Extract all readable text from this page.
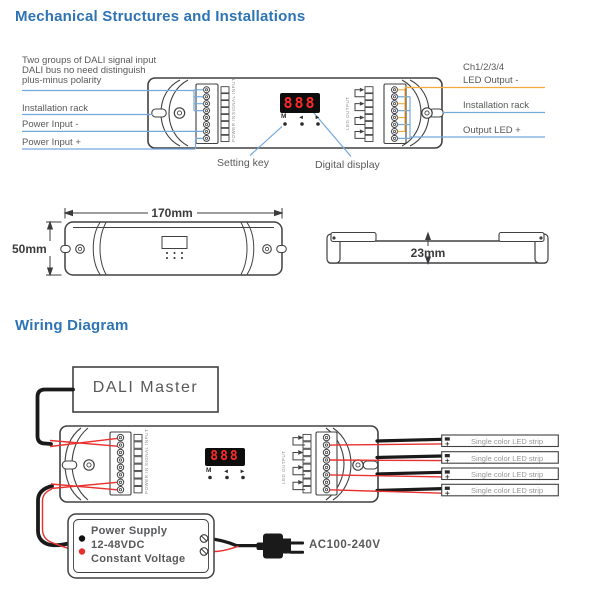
Mechanical Structures and Installations
Two groups of DALI signal input
DALI bus no need distinguish
plus-minus polarity
Installation rack
Power Input -
Power Input +
Ch1/2/3/4
LED Output -
Installation rack
Output LED +
Setting key	Digital display
170mm
50mm	23mm
888
888
M ◂ ▸
M ◂ ▸
SIGNAL INPUT
POWER IN	LED OUTPUT
SIGNAL INPUT
POWER IN	LED OUTPUT
Wiring Diagram
DALI Master
Single color LED strip
Single color LED strip
Single color LED strip
Single color LED strip
Power Supply
12-48VDC
Constant Voltage
AC100-240V
